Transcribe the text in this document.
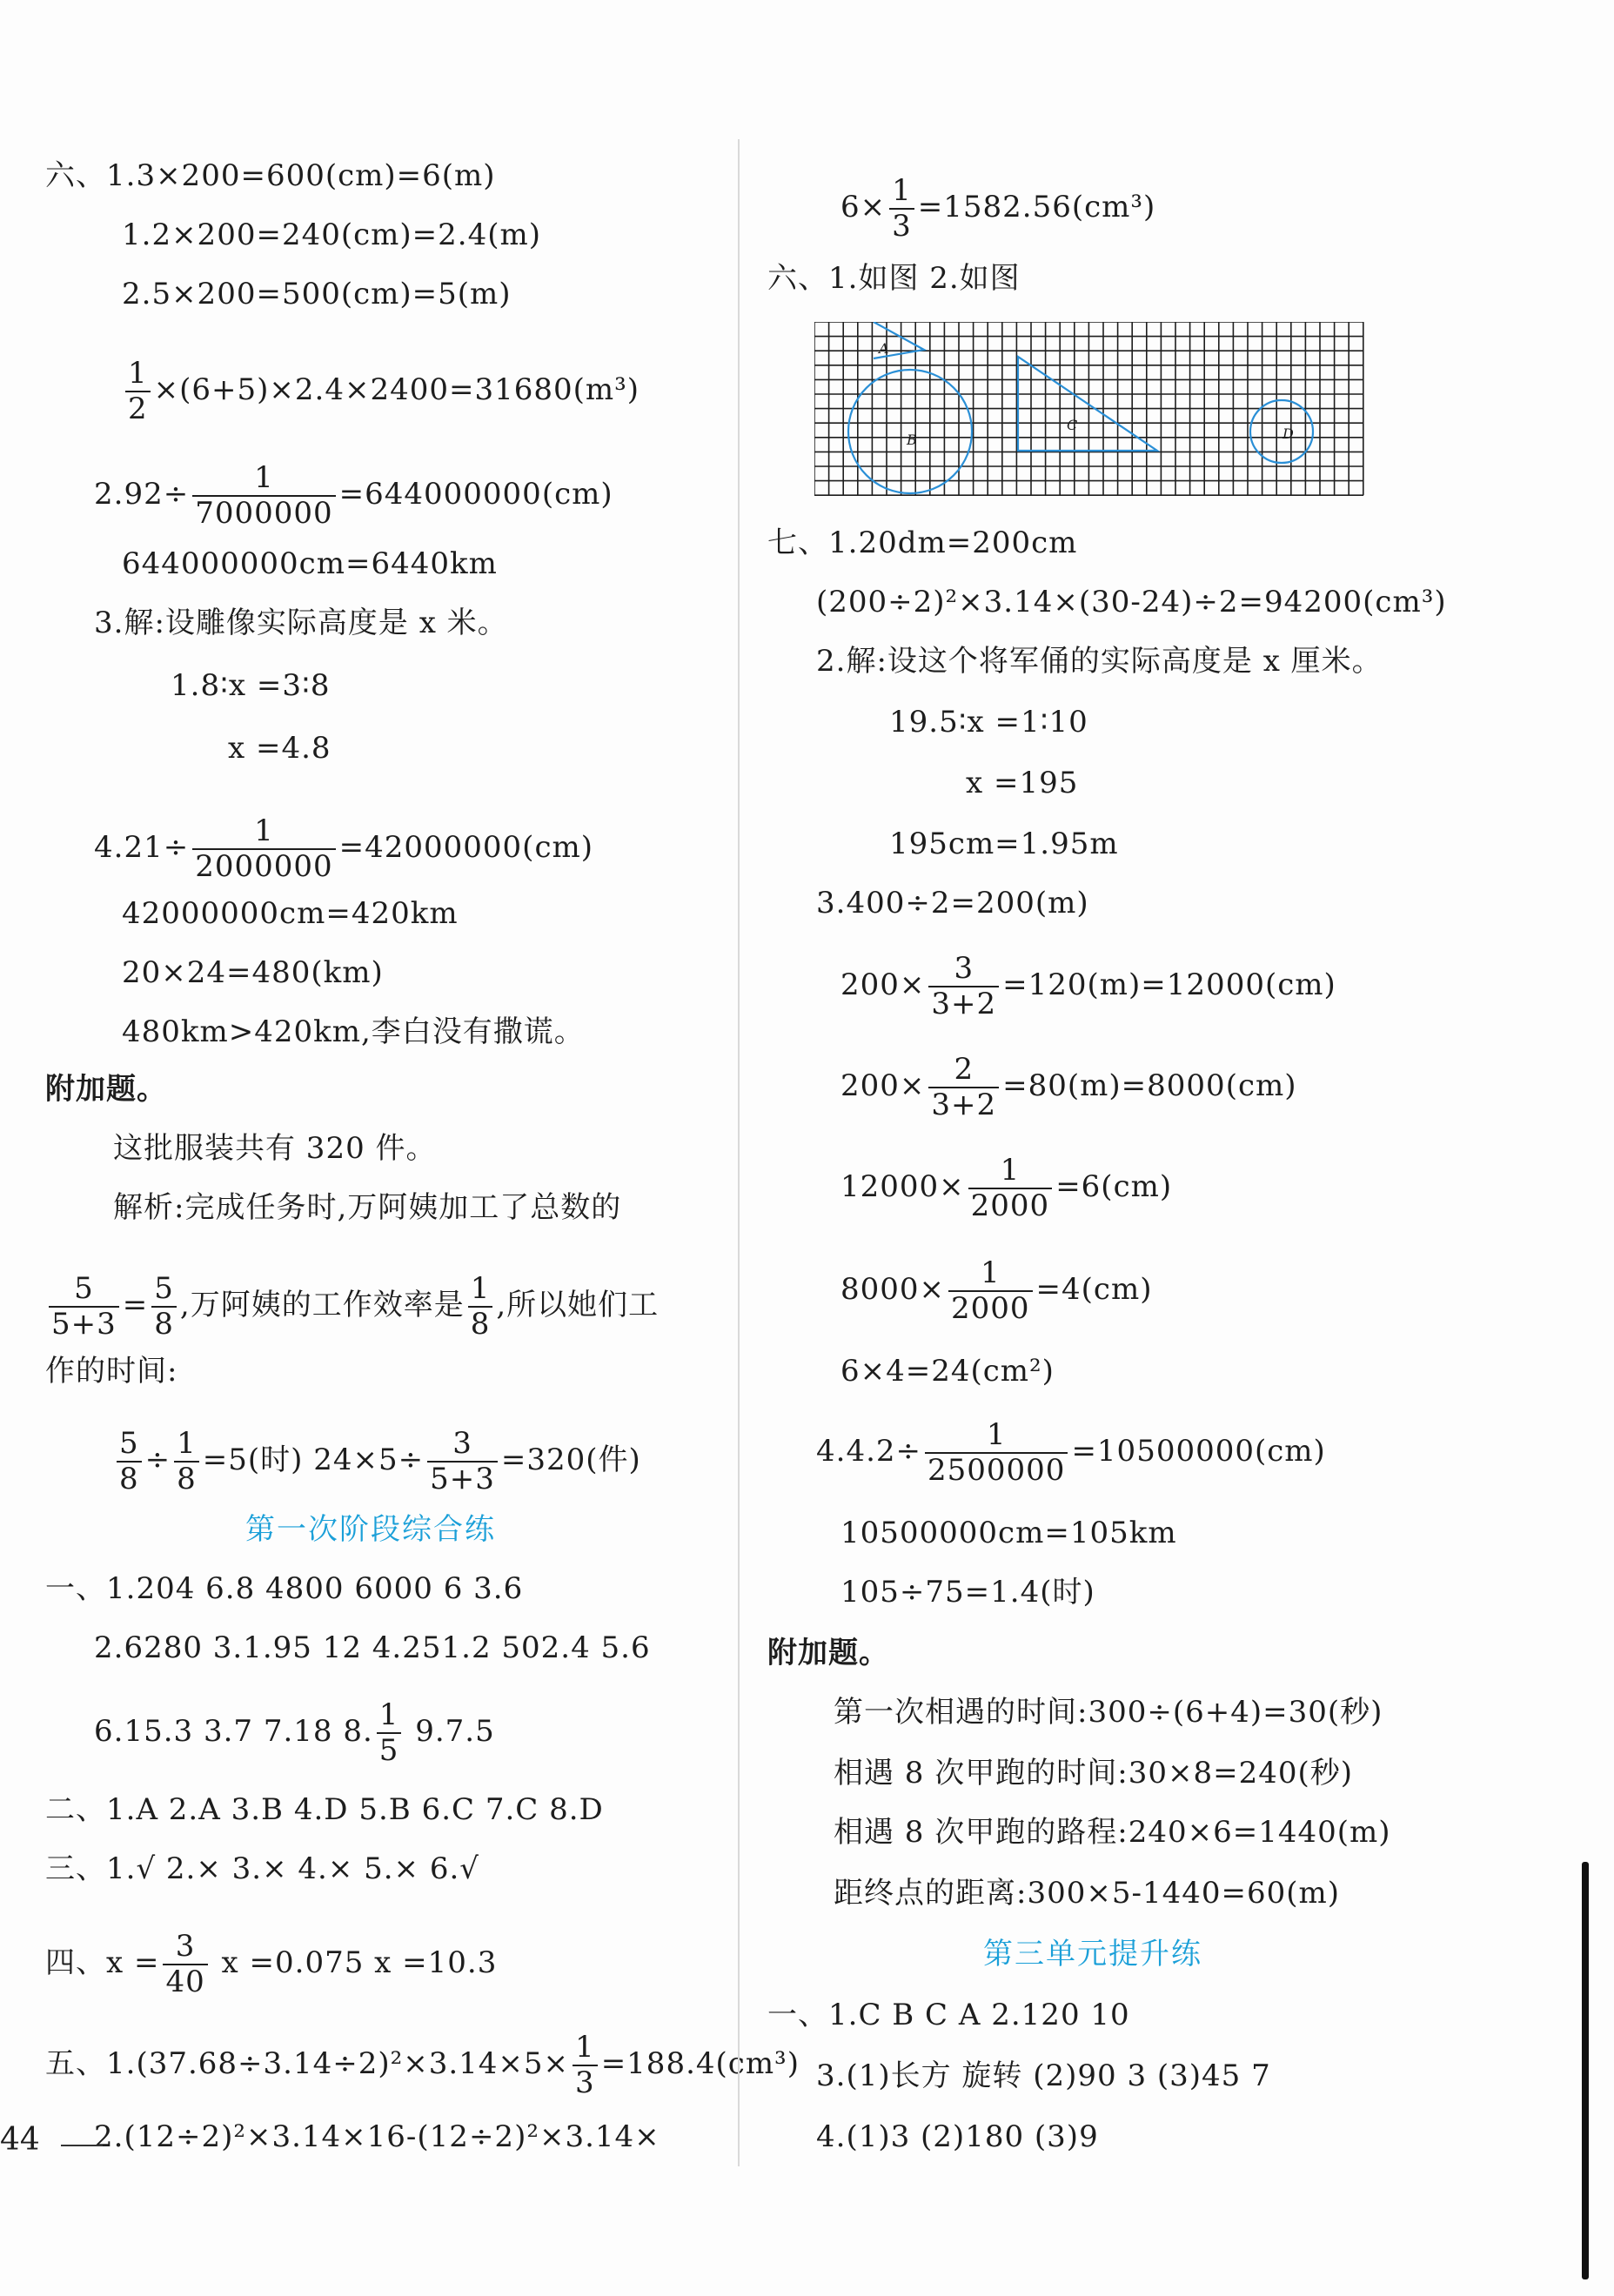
六、1.3×200=600(cm)=6(m)
1.2×200=240(cm)=2.4(m)
2.5×200=500(cm)=5(m)
$\frac{1}{2} \times(6+5)\times 2.4\times 2400=31680(m^3)$
$2.92\div \frac{1}{7000000} =644000000(cm)$
644000000cm=6440km
3.解:设雕像实际高度是 x 米。
1.8∶x =3∶8
x =4.8
$4.21\div \frac{1}{2000000} =42000000(cm)$
42000000cm=420km
20×24=480(km)
480km>420km,李白没有撒谎。
附加题。
这批服装共有 320 件。
解析:完成任务时,万阿姨加工了总数的
$\frac{5}{5+3} = \frac{5}{8}$ ,万阿姨的工作效率是 $\frac{1}{8}$ ,所以她们工
作的时间:
$\frac{5}{8} \div \frac{1}{8} =5$(时) $24\times 5\div \frac{3}{5+3} =320$(件)
第一次阶段综合练
一、1.204 6.8 4800 6000 6 3.6
2.6280 3.1.95 12 4.251.2 502.4 5.6
6.15.3 3.7 7.18 8. $\frac{1}{5} 9.7.5$
二、1.A 2.A 3.B 4.D 5.B 6.C 7.C 8.D
三、1.√ 2.× 3.× 4.× 5.× 6.√
四、$x = \frac{3}{40}$ x =0.075 x =10.3
五、$1.(37.68\div 3.14\div 2)^2\times 3.14\times 5\times \frac{1}{3} =188.4(cm^3)$
2.(12÷2)²×3.14×16-(12÷2)²×3.14×
$6\times \frac{1}{3} =1582.56(cm^3)$
六、1.如图 2.如图
A
B
C
D
七、1.20dm=200cm
(200÷2)²×3.14×(30-24)÷2=94200(cm³)
2.解:设这个将军俑的实际高度是 x 厘米。
19.5∶x =1∶10
x =195
195cm=1.95m
3.400÷2=200(m)
$200\times \frac{3}{3+2} =120(m)=12000(cm)$
$200\times \frac{2}{3+2} =80(m)=8000(cm)$
$12000\times \frac{1}{2000} =6(cm)$
$8000\times \frac{1}{2000} =4(cm)$
6×4=24(cm²)
$4.4.2\div \frac{1}{2500000} =10500000(cm)$
10500000cm=105km
105÷75=1.4(时)
附加题。
第一次相遇的时间:300÷(6+4)=30(秒)
相遇 8 次甲跑的时间:30×8=240(秒)
相遇 8 次甲跑的路程:240×6=1440(m)
距终点的距离:300×5-1440=60(m)
第三单元提升练
一、1.C B C A 2.120 10
3.(1)长方 旋转 (2)90 3 (3)45 7
4.(1)3 (2)180 (3)9
44
